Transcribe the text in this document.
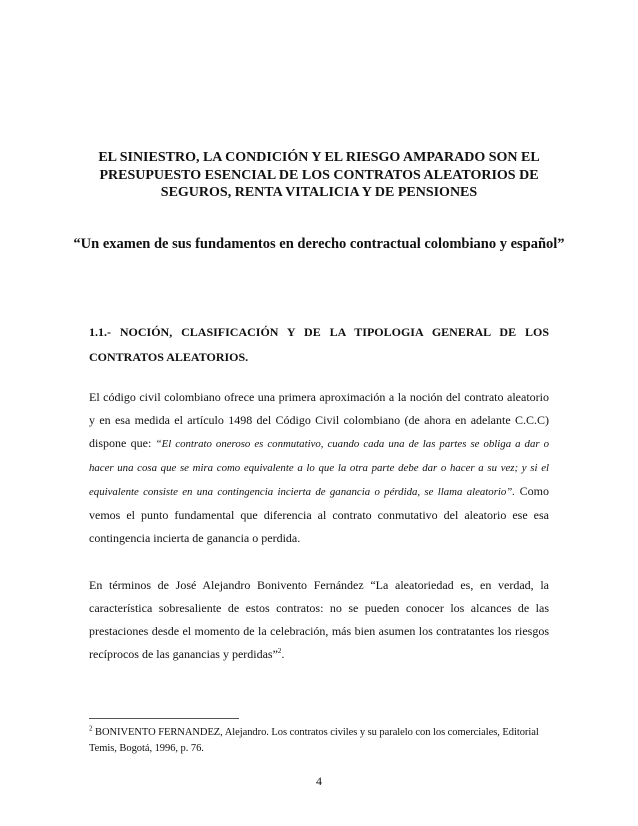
EL SINIESTRO, LA CONDICIÓN Y EL RIESGO AMPARADO SON EL PRESUPUESTO ESENCIAL DE LOS CONTRATOS ALEATORIOS DE SEGUROS, RENTA VITALICIA Y DE PENSIONES
“Un examen de sus fundamentos en derecho contractual colombiano y español”
1.1.- NOCIÓN, CLASIFICACIÓN Y DE LA TIPOLOGIA GENERAL DE LOS CONTRATOS ALEATORIOS.

El código civil colombiano ofrece una primera aproximación a la noción del contrato aleatorio y en esa medida el artículo 1498 del Código Civil colombiano (de ahora en adelante C.C.C) dispone que: “El contrato oneroso es conmutativo, cuando cada una de las partes se obliga a dar o hacer una cosa que se mira como equivalente a lo que la otra parte debe dar o hacer a su vez; y si el equivalente consiste en una contingencia incierta de ganancia o pérdida, se llama aleatorio”. Como vemos el punto fundamental que diferencia al contrato conmutativo del aleatorio ese esa contingencia incierta de ganancia o perdida.

En términos de José Alejandro Bonivento Fernández “La aleatoriedad es, en verdad, la característica sobresaliente de estos contratos: no se pueden conocer los alcances de las prestaciones desde el momento de la celebración, más bien asumen los contratantes los riesgos recíprocos de las ganancias y perdidas”$^2$.

$^2$ BONIVENTO FERNANDEZ, Alejandro. Los contratos civiles y su paralelo con los comerciales, Editorial Temis, Bogotá, 1996, p. 76.

4
